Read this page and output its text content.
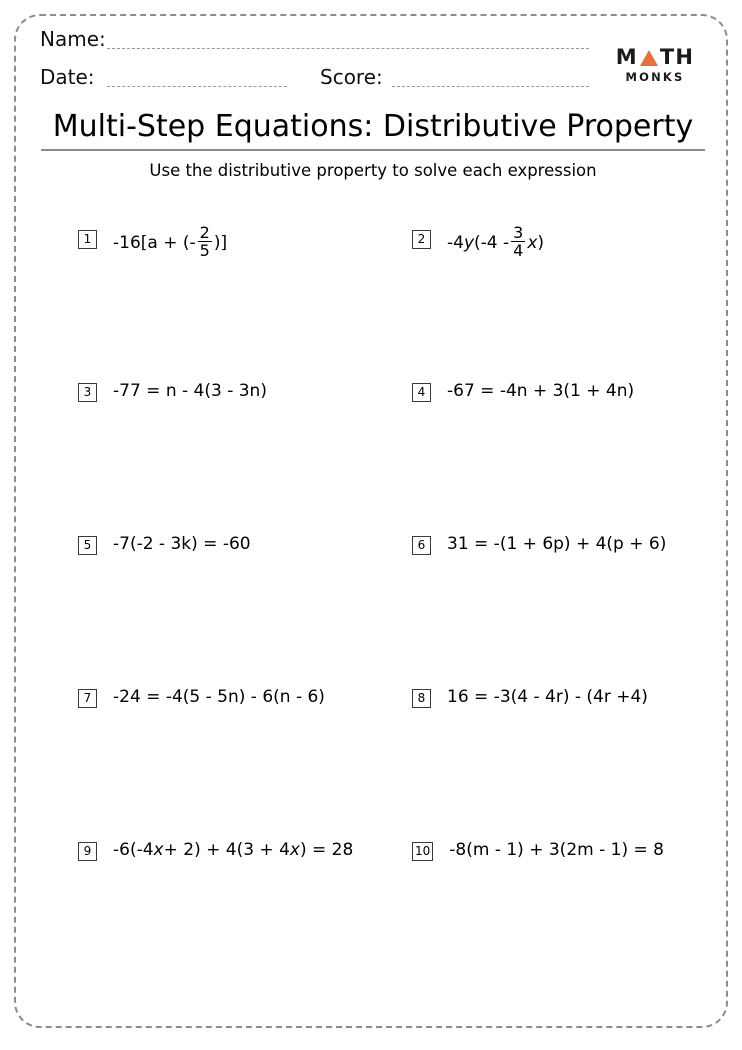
Name:
Date:	Score:
M TH
MONKS
Multi-Step Equations: Distributive Property
Use the distributive property to solve each expression
1	-16[a + (- $\frac{2}{5}$ )]	2	-4 y ($-4 - \frac{3}{4}$ x )
3	-77 = n - 4(3 - 3n)	4	-67 = -4n + 3(1 + 4n)
5	-7(-2 - 3k) = -60	6	31 = -(1 + 6p) + 4(p + 6)
7	-24 = -4(5 - 5n) - 6(n - 6)	8	16 = -3(4 - 4r) - (4r +4)
9	-6(-4 x + 2) + 4(3 + 4 x ) = 28	10 -8(m - 1) + 3(2m - 1) = 8
